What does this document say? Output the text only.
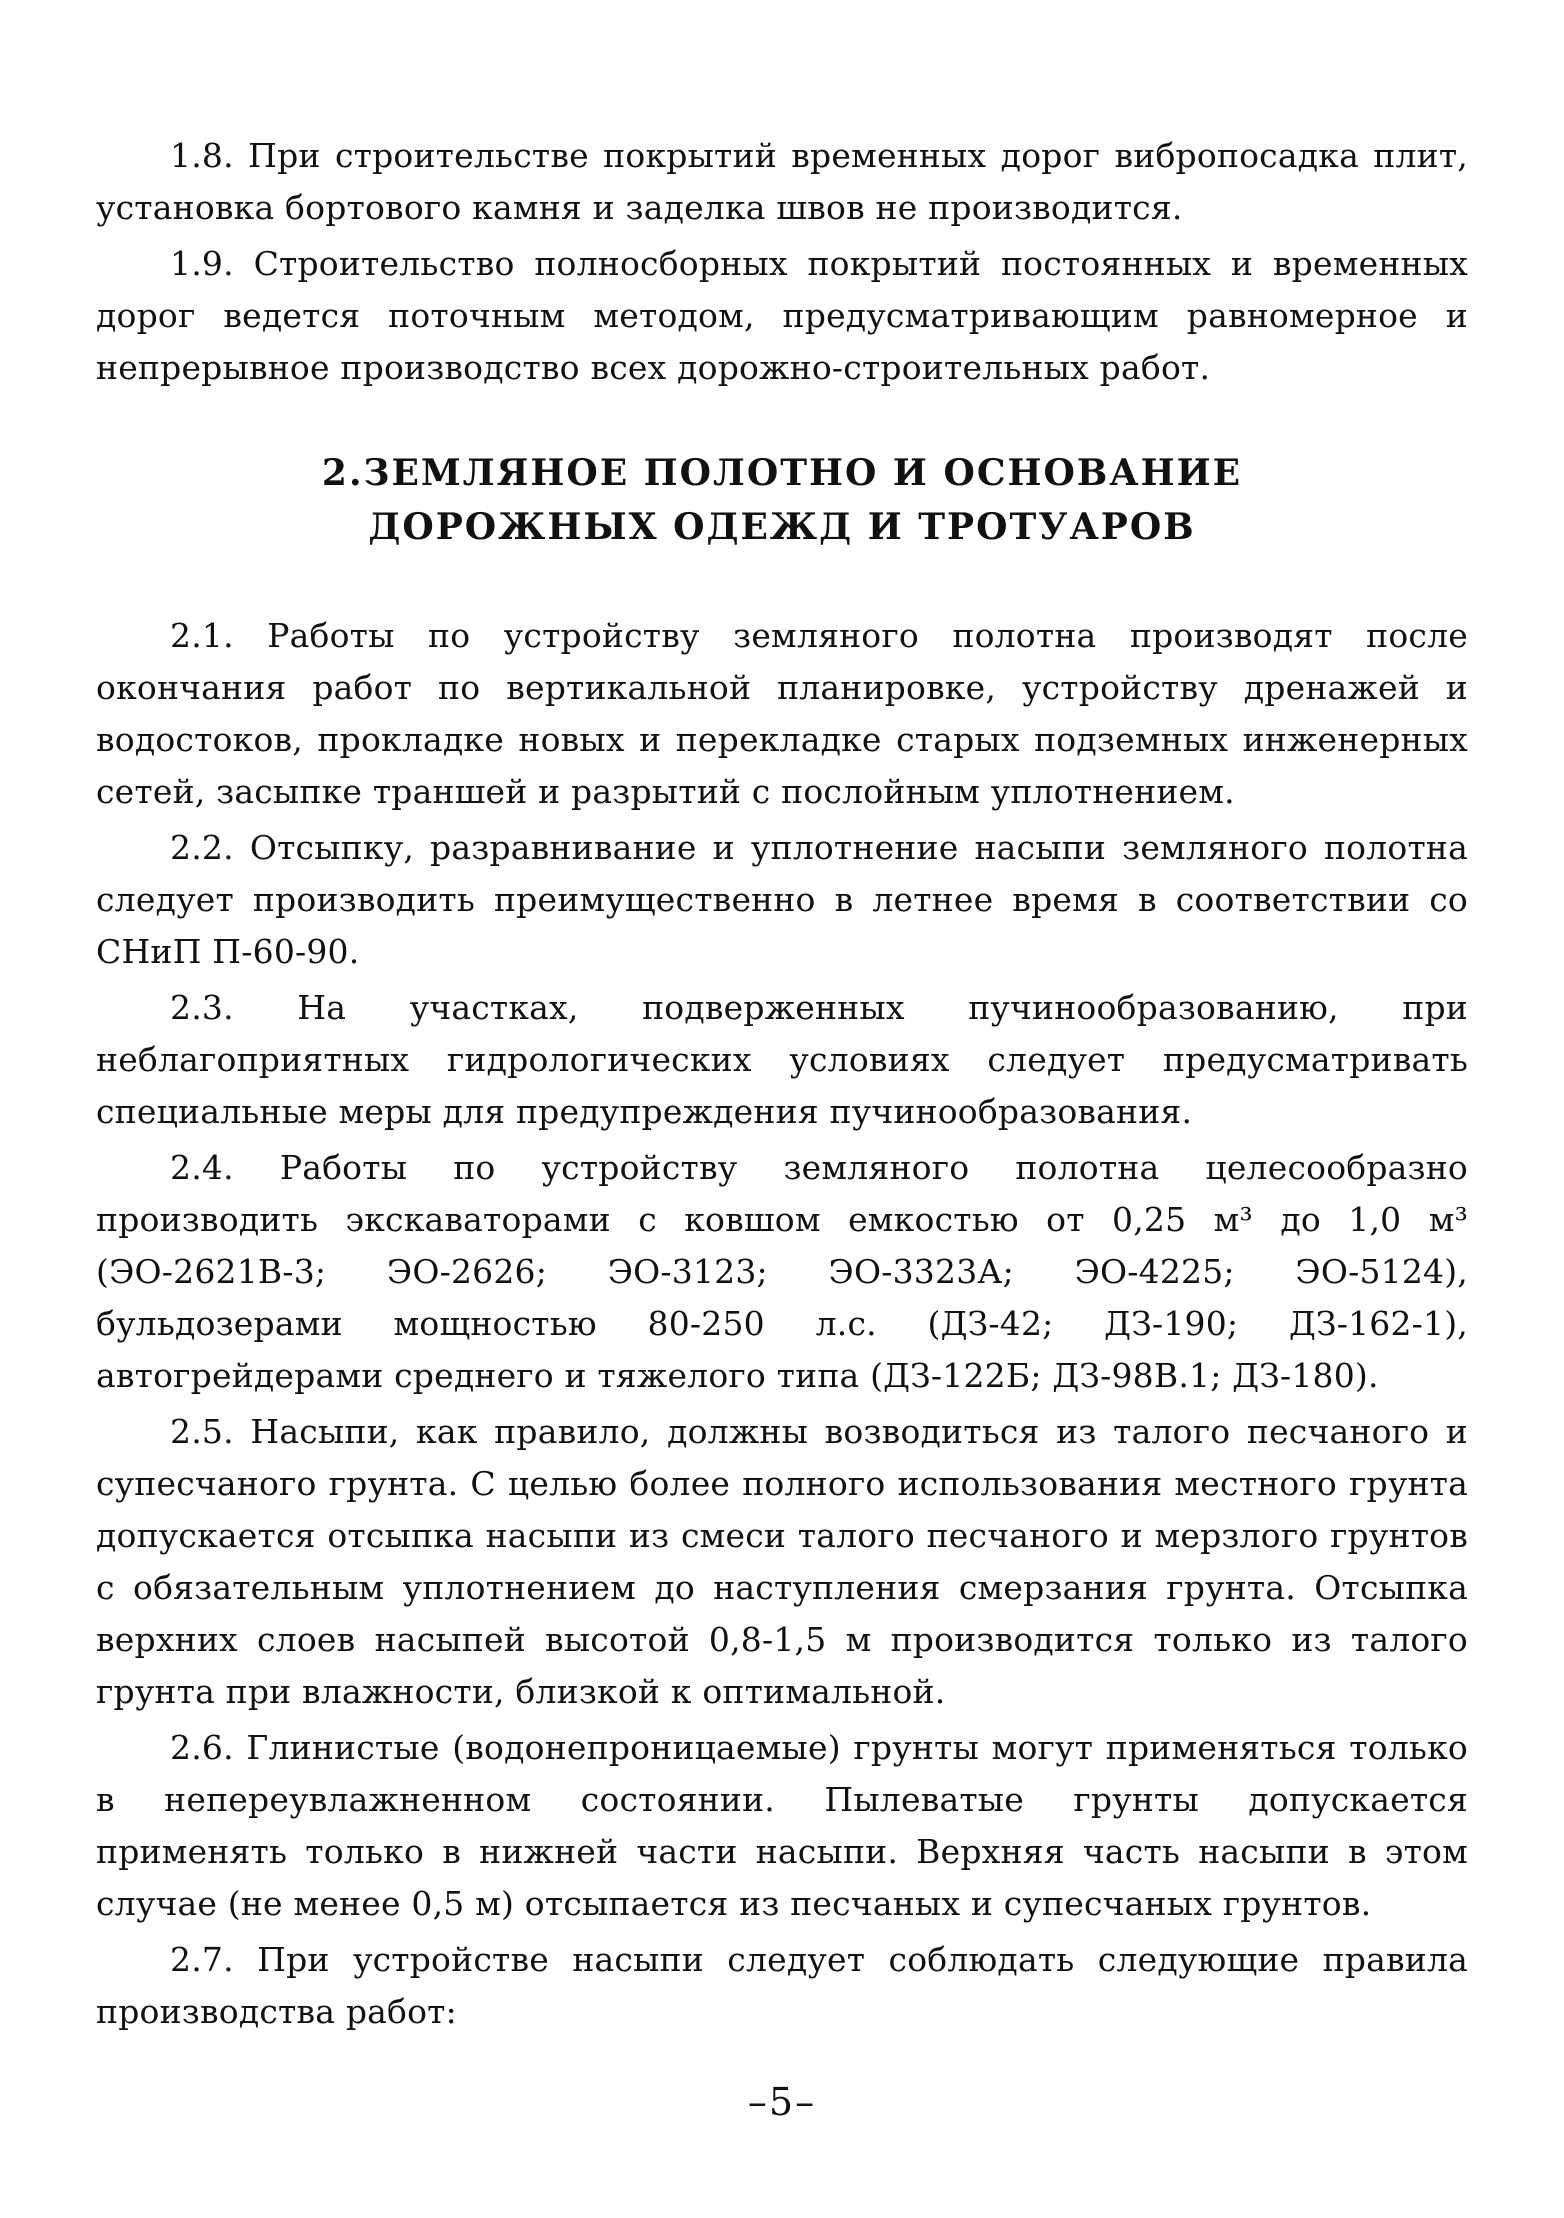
1.8. При строительстве покрытий временных дорог вибропосадка плит, установка бортового камня и заделка швов не производится.

1.9. Строительство полносборных покрытий постоянных и временных дорог ведется поточным методом, предусматривающим равномерное и непрерывное производство всех дорожно-строительных работ.

2.ЗЕМЛЯНОЕ ПОЛОТНО И ОСНОВАНИЕ
ДОРОЖНЫХ ОДЕЖД И ТРОТУАРОВ

2.1. Работы по устройству земляного полотна производят после окончания работ по вертикальной планировке, устройству дренажей и водостоков, прокладке новых и перекладке старых подземных инженерных сетей, засыпке траншей и разрытий с послойным уплотнением.

2.2. Отсыпку, разравнивание и уплотнение насыпи земляного полотна следует производить преимущественно в летнее время в соответствии со СНиП П-60-90.

2.3. На участках, подверженных пучинообразованию, при неблагоприятных гидрологических условиях следует предусматривать специальные меры для предупреждения пучинообразования.

2.4. Работы по устройству земляного полотна целесообразно производить экскаваторами с ковшом емкостью от 0,25 м³ до 1,0 м³ (ЭО-2621В-3; ЭО-2626; ЭО-3123; ЭО-3323А; ЭО-4225; ЭО-5124), бульдозерами мощностью 80-250 л.с. (ДЗ-42; ДЗ-190; ДЗ-162-1), автогрейдерами среднего и тяжелого типа (ДЗ-122Б; ДЗ-98В.1; ДЗ-180).

2.5. Насыпи, как правило, должны возводиться из талого песчаного и супесчаного грунта. С целью более полного использования местного грунта допускается отсыпка насыпи из смеси талого песчаного и мерзлого грунтов с обязательным уплотнением до наступления смерзания грунта. Отсыпка верхних слоев насыпей высотой 0,8-1,5 м производится только из талого грунта при влажности, близкой к оптимальной.

2.6. Глинистые (водонепроницаемые) грунты могут применяться только в непереувлажненном состоянии. Пылеватые грунты допускается применять только в нижней части насыпи. Верхняя часть насыпи в этом случае (не менее 0,5 м) отсыпается из песчаных и супесчаных грунтов.

2.7. При устройстве насыпи следует соблюдать следующие правила производства работ:

–5–
